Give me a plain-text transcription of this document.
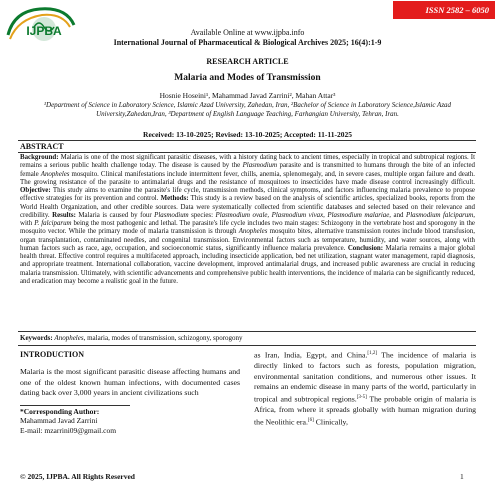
ISSN 2582 – 6050
IJPBA	Available Online at www.ijpba.info
International Journal of Pharmaceutical & Biological Archives 2025; 16(4):1-9
RESEARCH ARTICLE
Malaria and Modes of Transmission
Hosnie Hoseini¹, Mahammad Javad Zarrini², Mahan Attar³
¹Department of Science in Laboratory Science, Islamic Azad University, Zahedan, Iran, ²Bachelor of Science in Laboratory Science,Islamic Azad University,Zahedan,Iran, ³Department of English Language Teaching, Farhangian University, Tehran, Iran.
Received: 13-10-2025; Revised: 13-10-2025; Accepted: 11-11-2025
ABSTRACT
Background: Malaria is one of the most significant parasitic diseases, with a history dating back to ancient times, especially in tropical and subtropical regions. It remains a serious public health challenge today. The disease is caused by the Plasmodium parasite and is transmitted to humans through the bite of an infected female Anopheles mosquito. Clinical manifestations include intermittent fever, chills, anemia, splenomegaly, and, in severe cases, multiple organ failure and death. The growing resistance of the parasite to antimalarial drugs and the resistance of mosquitoes to insecticides have made disease control increasingly difficult. Objective: This study aims to examine the parasite's life cycle, transmission methods, clinical symptoms, and factors influencing malaria prevalence to propose effective strategies for its prevention and control. Methods: This study is a review based on the analysis of scientific articles, specialized books, reports from the World Health Organization, and other credible sources. Data were systematically collected from scientific databases and selected based on their relevance and credibility. Results: Malaria is caused by four Plasmodium species: Plasmodium ovale, Plasmodium vivax, Plasmodium malariae, and Plasmodium falciparum, with P. falciparum being the most pathogenic and lethal. The parasite's life cycle includes two main stages: Schizogony in the vertebrate host and sporogony in the mosquito vector. While the primary mode of malaria transmission is through Anopheles mosquito bites, alternative transmission routes include blood transfusion, organ transplantation, contaminated needles, and congenital transmission. Environmental factors such as temperature, humidity, and water sources, along with human factors such as race, age, occupation, and socioeconomic status, significantly influence malaria prevalence. Conclusion: Malaria remains a major global health threat. Effective control requires a multifaceted approach, including insecticide application, bed net utilization, stagnant water management, rapid diagnosis, and appropriate treatment. International collaboration, vaccine development, improved antimalarial drugs, and increased public awareness are crucial in reducing malaria transmission. Ultimately, with scientific advancements and comprehensive public health interventions, the incidence of malaria can be significantly reduced, and eradication may become a realistic goal in the future.
Keywords: Anopheles, malaria, modes of transmission, schizogony, sporogony
INTRODUCTION
Malaria is the most significant parasitic disease affecting humans and one of the oldest known human infections, with documented cases dating back over 3,000 years in ancient civilizations such
*Corresponding Author:
Mahammad Javad Zarrini
E-mail: mzarrini09@gmail.com
as Iran, India, Egypt, and China.[1,2] The incidence of malaria is directly linked to factors such as forests, population migration, environmental sanitation conditions, and numerous other issues. It remains an endemic disease in many parts of the world, particularly in tropical and subtropical regions.[3-5] The probable origin of malaria is Africa, from where it spreads globally with human migration during the Neolithic era.[6] Clinically,
© 2025, IJPBA. All Rights Reserved	1
